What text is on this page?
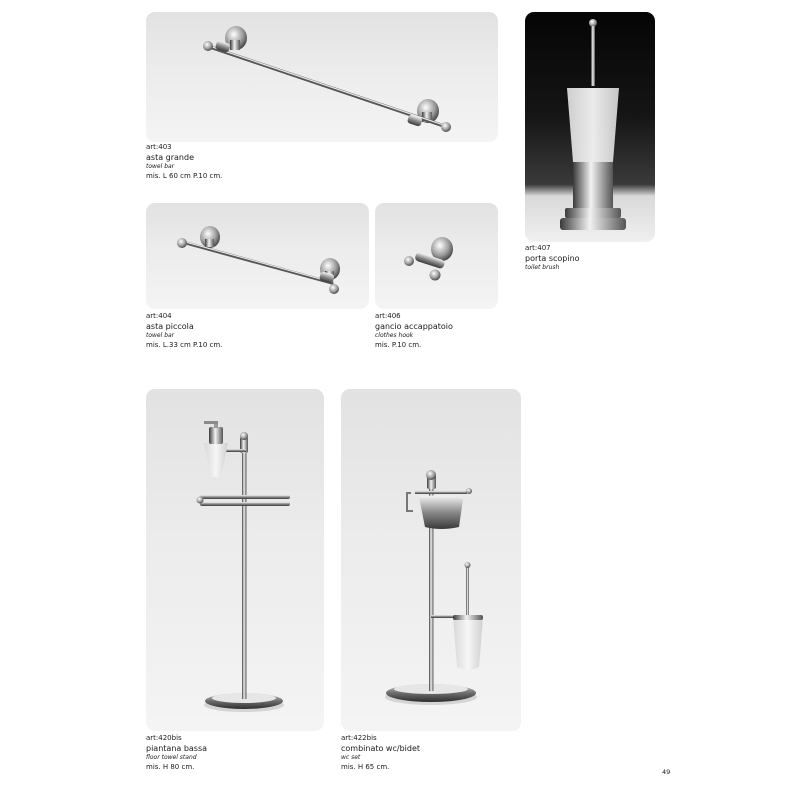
art:403
asta grande
towel bar
mis. L 60 cm P.10 cm.
art:407
porta scopino
toilet brush
art:404
asta piccola
towel bar
mis. L.33 cm P.10 cm.
art:406
gancio accappatoio
clothes hook
mis. P.10 cm.
art:420bis
piantana bassa
floor towel stand
mis. H 80 cm.
art:422bis
combinato wc/bidet
wc set
mis. H 65 cm.
49
